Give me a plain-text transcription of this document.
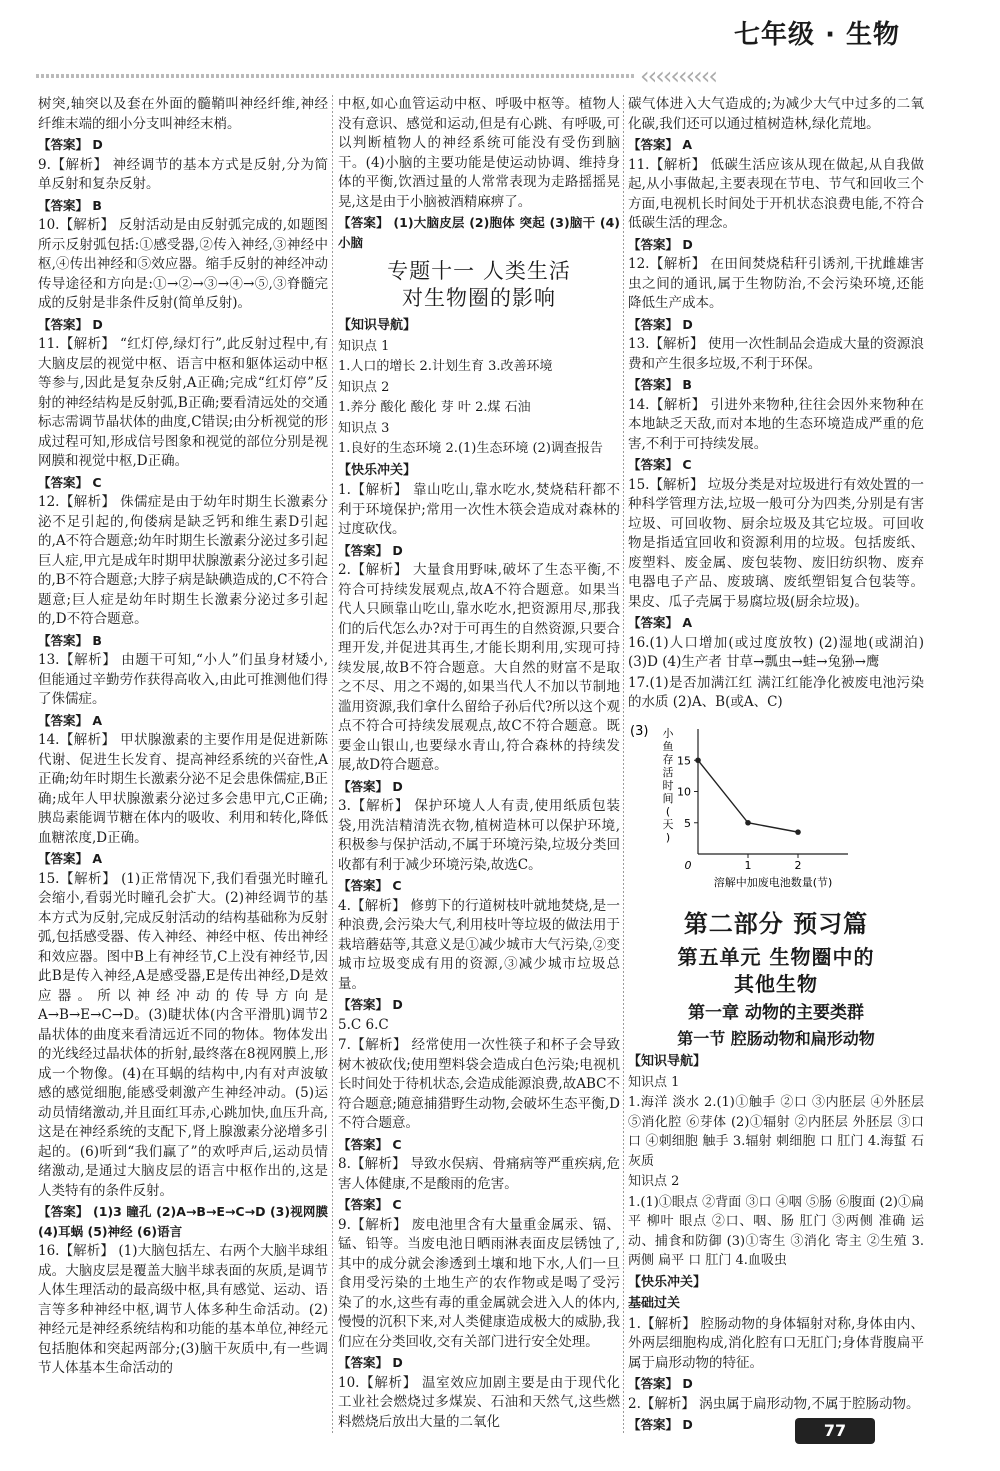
七年级 · 生物
‹‹‹‹‹‹‹‹‹‹
树突,轴突以及套在外面的髓鞘叫神经纤维,神经纤维末端的细小分支叫神经末梢。
【答案】 D
9.【解析】 神经调节的基本方式是反射,分为简单反射和复杂反射。
【答案】 B
10.【解析】 反射活动是由反射弧完成的,如题图所示反射弧包括:①感受器,②传入神经,③神经中枢,④传出神经和⑤效应器。缩手反射的神经冲动传导途径和方向是:①→②→③→④→⑤,③脊髓完成的反射是非条件反射(简单反射)。
【答案】 D
11.【解析】 “红灯停,绿灯行”,此反射过程中,有大脑皮层的视觉中枢、语言中枢和躯体运动中枢等参与,因此是复杂反射,A正确;完成“红灯停”反射的神经结构是反射弧,B正确;要看清远处的交通标志需调节晶状体的曲度,C错误;由分析视觉的形成过程可知,形成信号图象和视觉的部位分别是视网膜和视觉中枢,D正确。
【答案】 C
12.【解析】 侏儒症是由于幼年时期生长激素分泌不足引起的,佝偻病是缺乏钙和维生素D引起的,A不符合题意;幼年时期生长激素分泌过多引起巨人症,甲亢是成年时期甲状腺激素分泌过多引起的,B不符合题意;大脖子病是缺碘造成的,C不符合题意;巨人症是幼年时期生长激素分泌过多引起的,D不符合题意。
【答案】 B
13.【解析】 由题干可知,“小人”们虽身材矮小,但能通过辛勤劳作获得高收入,由此可推测他们得了侏儒症。
【答案】 A
14.【解析】 甲状腺激素的主要作用是促进新陈代谢、促进生长发育、提高神经系统的兴奋性,A正确;幼年时期生长激素分泌不足会患侏儒症,B正确;成年人甲状腺激素分泌过多会患甲亢,C正确;胰岛素能调节糖在体内的吸收、利用和转化,降低血糖浓度,D正确。
【答案】 A
15.【解析】 (1)正常情况下,我们看强光时瞳孔会缩小,看弱光时瞳孔会扩大。(2)神经调节的基本方式为反射,完成反射活动的结构基础称为反射弧,包括感受器、传入神经、神经中枢、传出神经和效应器。图中B上有神经节,C上没有神经节,因此B是传入神经,A是感受器,E是传出神经,D是效应器。所以神经冲动的传导方向是A→B→E→C→D。(3)睫状体(内含平滑肌)调节2晶状体的曲度来看清远近不同的物体。物体发出的光线经过晶状体的折射,最终落在8视网膜上,形成一个物像。(4)在耳蜗的结构中,内有对声波敏感的感觉细胞,能感受刺激产生神经冲动。(5)运动员情绪激动,并且面红耳赤,心跳加快,血压升高,这是在神经系统的支配下,肾上腺激素分泌增多引起的。(6)听到“我们赢了”的欢呼声后,运动员情绪激动,是通过大脑皮层的语言中枢作出的,这是人类特有的条件反射。
【答案】 (1)3 瞳孔 (2)A→B→E→C→D (3)视网膜 (4)耳蜗 (5)神经 (6)语言
16.【解析】 (1)大脑包括左、右两个大脑半球组成。大脑皮层是覆盖大脑半球表面的灰质,是调节人体生理活动的最高级中枢,具有感觉、运动、语言等多种神经中枢,调节人体多种生命活动。(2)神经元是神经系统结构和功能的基本单位,神经元包括胞体和突起两部分;(3)脑干灰质中,有一些调节人体基本生命活动的
中枢,如心血管运动中枢、呼吸中枢等。植物人没有意识、感觉和运动,但是有心跳、有呼吸,可以判断植物人的神经系统可能没有受伤到脑干。(4)小脑的主要功能是使运动协调、维持身体的平衡,饮酒过量的人常常表现为走路摇摇晃晃,这是由于小脑被酒精麻痹了。
【答案】 (1)大脑皮层 (2)胞体 突起 (3)脑干 (4)小脑
专题十一 人类生活
对生物圈的影响
【知识导航】
知识点 1
1.人口的增长 2.计划生育 3.改善环境
知识点 2
1.养分 酸化 酸化 芽 叶 2.煤 石油
知识点 3
1.良好的生态环境 2.(1)生态环境 (2)调查报告
【快乐冲关】
1.【解析】 靠山吃山,靠水吃水,焚烧秸秆都不利于环境保护;常用一次性木筷会造成对森林的过度砍伐。
【答案】 D
2.【解析】 大量食用野味,破坏了生态平衡,不符合可持续发展观点,故A不符合题意。如果当代人只顾靠山吃山,靠水吃水,把资源用尽,那我们的后代怎么办?对于可再生的自然资源,只要合理开发,并促进其再生,才能长期利用,实现可持续发展,故B不符合题意。大自然的财富不是取之不尽、用之不竭的,如果当代人不加以节制地滥用资源,我们拿什么留给子孙后代?所以这个观点不符合可持续发展观点,故C不符合题意。既要金山银山,也要绿水青山,符合森林的持续发展,故D符合题意。
【答案】 D
3.【解析】 保护环境人人有责,使用纸质包装袋,用洗洁精清洗衣物,植树造林可以保护环境,积极参与保护活动,不属于环境污染,垃圾分类回收都有利于减少环境污染,故选C。
【答案】 C
4.【解析】 修剪下的行道树枝叶就地焚烧,是一种浪费,会污染大气,利用枝叶等垃圾的做法用于栽培蘑菇等,其意义是①减少城市大气污染,②变城市垃圾变成有用的资源,③减少城市垃圾总量。
【答案】 D
5.C 6.C
7.【解析】 经常使用一次性筷子和杯子会导致树木被砍伐;使用塑料袋会造成白色污染;电视机长时间处于待机状态,会造成能源浪费,故ABC不符合题意;随意捕猎野生动物,会破坏生态平衡,D不符合题意。
【答案】 C
8.【解析】 导致水俣病、骨痛病等严重疾病,危害人体健康,不是酸雨的危害。
【答案】 C
9.【解析】 废电池里含有大量重金属汞、镉、锰、铅等。当废电池日晒雨淋表面皮层锈蚀了,其中的成分就会渗透到土壤和地下水,人们一旦食用受污染的土地生产的农作物或是喝了受污染了的水,这些有毒的重金属就会进入人的体内,慢慢的沉积下来,对人类健康造成极大的威胁,我们应在分类回收,交有关部门进行安全处理。
【答案】 D
10.【解析】 温室效应加剧主要是由于现代化工业社会燃烧过多煤炭、石油和天然气,这些燃料燃烧后放出大量的二氧化
碳气体进入大气造成的;为减少大气中过多的二氧化碳,我们还可以通过植树造林,绿化荒地。
【答案】 A
11.【解析】 低碳生活应该从现在做起,从自我做起,从小事做起,主要表现在节电、节气和回收三个方面,电视机长时间处于开机状态浪费电能,不符合低碳生活的理念。
【答案】 D
12.【解析】 在田间焚烧秸秆引诱剂,干扰雌雄害虫之间的通讯,属于生物防治,不会污染环境,还能降低生产成本。
【答案】 D
13.【解析】 使用一次性制品会造成大量的资源浪费和产生很多垃圾,不利于环保。
【答案】 B
14.【解析】 引进外来物种,往往会因外来物种在本地缺乏天敌,而对本地的生态环境造成严重的危害,不利于可持续发展。
【答案】 C
15.【解析】 垃圾分类是对垃圾进行有效处置的一种科学管理方法,垃圾一般可分为四类,分别是有害垃圾、可回收物、厨余垃圾及其它垃圾。可回收物是指适宜回收和资源利用的垃圾。包括废纸、废塑料、废金属、废包装物、废旧纺织物、废弃电器电子产品、废玻璃、废纸塑铝复合包装等。果皮、瓜子壳属于易腐垃圾(厨余垃圾)。
【答案】 A
16.(1)人口增加(或过度放牧) (2)湿地(或湖泊) (3)D (4)生产者 甘草→瓢虫→蛙→兔狲→鹰
17.(1)是否加满江红 满江红能净化被废电池污染的水质 (2)A、B(或A、C)
(3) 小
鱼
存
活
时
间
(
天
)
5
10
15
1	2
0
溶解中加废电池数量(节)
第二部分 预习篇
第五单元 生物圈中的
其他生物
第一章 动物的主要类群
第一节 腔肠动物和扁形动物
【知识导航】
知识点 1
1.海洋 淡水 2.(1)①触手 ②口 ③内胚层 ④外胚层 ⑤消化腔 ⑥芽体 (2)①辐射 ②内胚层 外胚层 ③口 口 ④刺细胞 触手 3.辐射 刺细胞 口 肛门 4.海蜇 石灰质
知识点 2
1.(1)①眼点 ②背面 ③口 ④咽 ⑤肠 ⑥腹面 (2)①扁平 柳叶 眼点 ②口、咽、肠 肛门 ③两侧 准确 运动、捕食和防御 (3)①寄生 ③消化 寄主 ②生殖 3.两侧 扁平 口 肛门 4.血吸虫
【快乐冲关】
基础过关
1.【解析】 腔肠动物的身体辐射对称,身体由内、外两层细胞构成,消化腔有口无肛门;身体背腹扁平属于扁形动物的特征。
【答案】 D
2.【解析】 涡虫属于扁形动物,不属于腔肠动物。
【答案】 D	77
